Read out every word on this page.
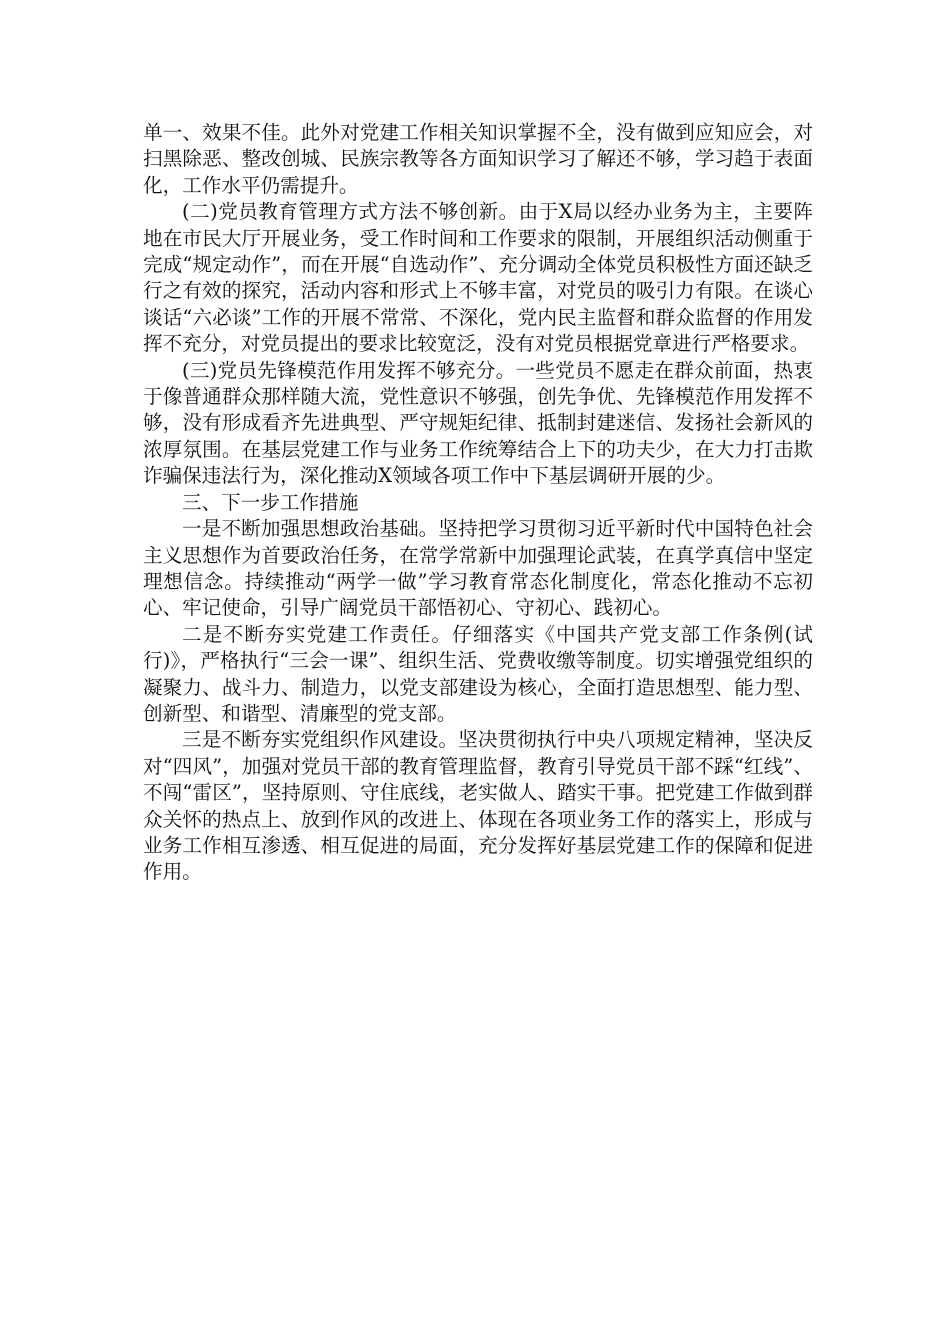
单一、效果不佳。此外对党建工作相关知识掌握不全，没有做到应知应会，对扫黑除恶、整改创城、民族宗教等各方面知识学习了解还不够，学习趋于表面化，工作水平仍需提升。

(二)党员教育管理方式方法不够创新。由于X局以经办业务为主，主要阵地在市民大厅开展业务，受工作时间和工作要求的限制，开展组织活动侧重于完成“规定动作”，而在开展“自选动作”、充分调动全体党员积极性方面还缺乏行之有效的探究，活动内容和形式上不够丰富，对党员的吸引力有限。在谈心谈话“六必谈”工作的开展不常常、不深化，党内民主监督和群众监督的作用发挥不充分，对党员提出的要求比较宽泛，没有对党员根据党章进行严格要求。

(三)党员先锋模范作用发挥不够充分。一些党员不愿走在群众前面，热衷于像普通群众那样随大流，党性意识不够强，创先争优、先锋模范作用发挥不够，没有形成看齐先进典型、严守规矩纪律、抵制封建迷信、发扬社会新风的浓厚氛围。在基层党建工作与业务工作统筹结合上下的功夫少，在大力打击欺诈骗保违法行为，深化推动X领域各项工作中下基层调研开展的少。

三、下一步工作措施

一是不断加强思想政治基础。坚持把学习贯彻习近平新时代中国特色社会主义思想作为首要政治任务，在常学常新中加强理论武装，在真学真信中坚定理想信念。持续推动“两学一做”学习教育常态化制度化，常态化推动不忘初心、牢记使命，引导广阔党员干部悟初心、守初心、践初心。

二是不断夯实党建工作责任。仔细落实《中国共产党支部工作条例(试行)》，严格执行“三会一课”、组织生活、党费收缴等制度。切实增强党组织的凝聚力、战斗力、制造力，以党支部建设为核心，全面打造思想型、能力型、创新型、和谐型、清廉型的党支部。

三是不断夯实党组织作风建设。坚决贯彻执行中央八项规定精神，坚决反对“四风”，加强对党员干部的教育管理监督，教育引导党员干部不踩“红线”、不闯“雷区”，坚持原则、守住底线，老实做人、踏实干事。把党建工作做到群众关怀的热点上、放到作风的改进上、体现在各项业务工作的落实上，形成与业务工作相互渗透、相互促进的局面，充分发挥好基层党建工作的保障和促进作用。
